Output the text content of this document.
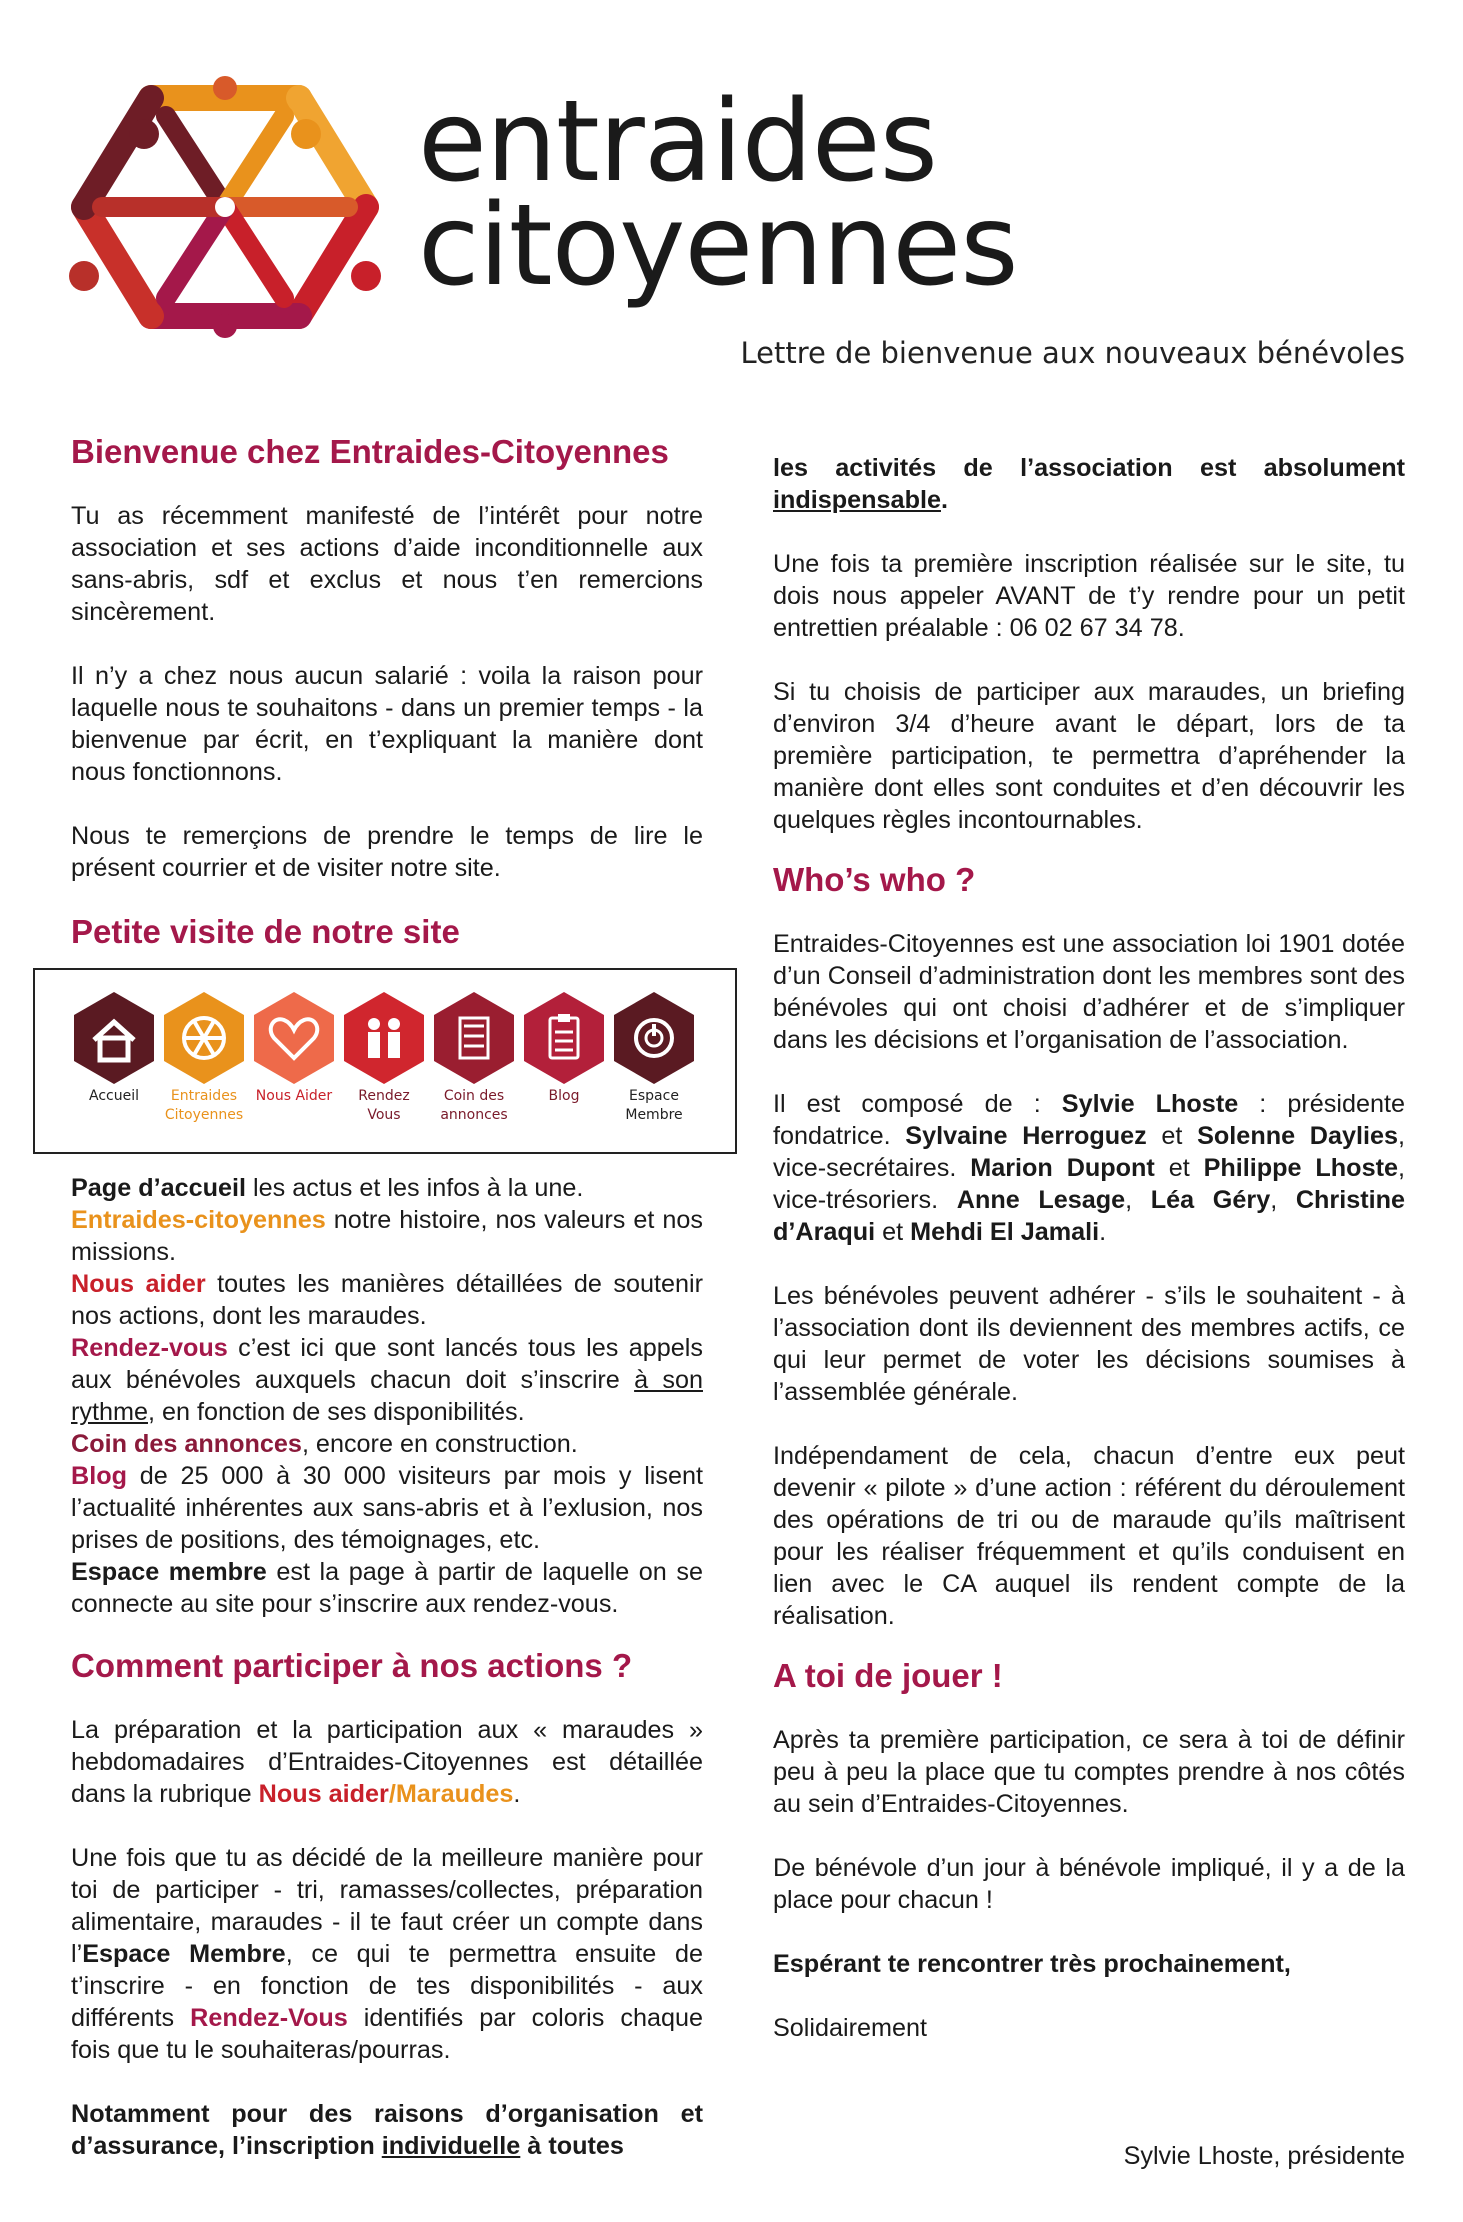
entraides
citoyennes
Lettre de bienvenue aux nouveaux bénévoles
Bienvenue chez Entraides-Citoyennes

Tu as récemment manifesté de l’intérêt pour notre association et ses actions d’aide inconditionnelle aux sans-abris, sdf et exclus et nous t’en remercions sincèrement.

Il n’y a chez nous aucun salarié : voila la raison pour laquelle nous te souhaitons - dans un premier temps - la bienvenue par écrit, en t’expliquant la manière dont nous fonctionnons.

Nous te remerçions de prendre le temps de lire le présent courrier et de visiter notre site.

Petite visite de notre site
Accueil	Entraides
Citoyennes
Nous Aider	Rendez
Vous
Coin des
annonces
Blog	Espace
Membre

Page d’accueil les actus et les infos à la une.

Entraides-citoyennes notre histoire, nos valeurs et nos missions.

Nous aider toutes les manières détaillées de soutenir nos actions, dont les maraudes.

Rendez-vous c’est ici que sont lancés tous les appels aux bénévoles auxquels chacun doit s’inscrire à son rythme, en fonction de ses disponibilités.

Coin des annonces, encore en construction.

Blog de 25 000 à 30 000 visiteurs par mois y lisent l’actualité inhérentes aux sans-abris et à l’exlusion, nos prises de positions, des témoignages, etc.

Espace membre est la page à partir de laquelle on se connecte au site pour s’inscrire aux rendez-vous.

Comment participer à nos actions ?

La préparation et la participation aux « maraudes » hebdomadaires d’Entraides-Citoyennes est détaillée dans la rubrique Nous aider/Maraudes.

Une fois que tu as décidé de la meilleure manière pour toi de participer - tri, ramasses/collectes, préparation alimentaire, maraudes - il te faut créer un compte dans l’Espace Membre, ce qui te permettra ensuite de t’inscrire - en fonction de tes disponibilités - aux différents Rendez-Vous identifiés par coloris chaque fois que tu le souhaiteras/pourras.

Notamment pour des raisons d’organisation et d’assurance, l’inscription individuelle à toutes

les activités de l’association est absolument indispensable.

Une fois ta première inscription réalisée sur le site, tu dois nous appeler AVANT de t’y rendre pour un petit entrettien préalable : 06 02 67 34 78.

Si tu choisis de participer aux maraudes, un briefing d’environ 3/4 d’heure avant le départ, lors de ta première participation, te permettra d’apréhender la manière dont elles sont conduites et d’en découvrir les quelques règles incontournables.

Who’s who ?

Entraides-Citoyennes est une association loi 1901 dotée d’un Conseil d’administration dont les membres sont des bénévoles qui ont choisi d’adhérer et de s’impliquer dans les décisions et l’organisation de l’association.

Il est composé de : Sylvie Lhoste : présidente fondatrice. Sylvaine Herroguez et Solenne Daylies, vice-secrétaires. Marion Dupont et Philippe Lhoste, vice-trésoriers. Anne Lesage, Léa Géry, Christine d’Araqui et Mehdi El Jamali.

Les bénévoles peuvent adhérer - s’ils le souhaitent - à l’association dont ils deviennent des membres actifs, ce qui leur permet de voter les décisions soumises à l’assemblée générale.

Indépendament de cela, chacun d’entre eux peut devenir « pilote » d’une action : référent du déroulement des opérations de tri ou de maraude qu’ils maîtrisent pour les réaliser fréquemment et qu’ils conduisent en lien avec le CA auquel ils rendent compte de la réalisation.

A toi de jouer !

Après ta première participation, ce sera à toi de définir peu à peu la place que tu comptes prendre à nos côtés au sein d’Entraides-Citoyennes.

De bénévole d’un jour à bénévole impliqué, il y a de la place pour chacun !

Espérant te rencontrer très prochainement,

Solidairement

Sylvie Lhoste, présidente
